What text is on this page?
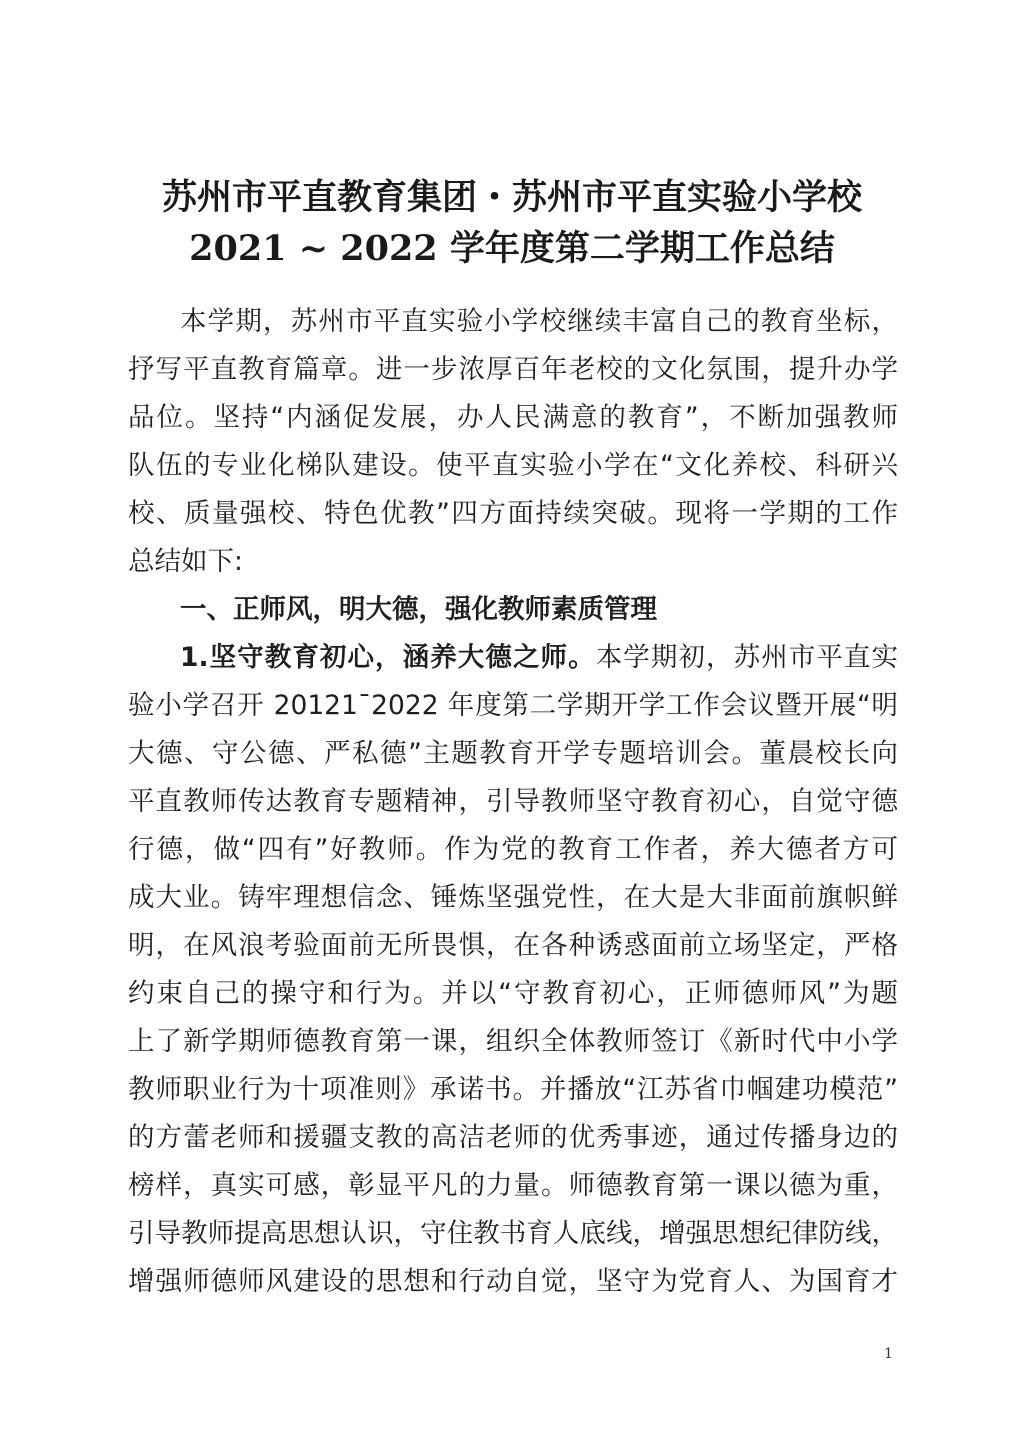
苏州市平直教育集团・苏州市平直实验小学校
2021 ~ 2022 学年度第二学期工作总结
本学期，苏州市平直实验小学校继续丰富自己的教育坐标，
抒写平直教育篇章。进一步浓厚百年老校的文化氛围，提升办学
品位。坚持“内涵促发展，办人民满意的教育”，不断加强教师
队伍的专业化梯队建设。使平直实验小学在“文化养校、科研兴
校、质量强校、特色优教”四方面持续突破。现将一学期的工作
总结如下:
一、正师风，明大德，强化教师素质管理
1.坚守教育初心，涵养大德之师。本学期初，苏州市平直实
验小学召开 20121¯2022 年度第二学期开学工作会议暨开展“明
大德、守公德、严私德”主题教育开学专题培训会。董晨校长向
平直教师传达教育专题精神，引导教师坚守教育初心，自觉守德
行德，做“四有”好教师。作为党的教育工作者，养大德者方可
成大业。铸牢理想信念、锤炼坚强党性，在大是大非面前旗帜鲜
明，在风浪考验面前无所畏惧，在各种诱惑面前立场坚定，严格
约束自己的操守和行为。并以“守教育初心，正师德师风”为题
上了新学期师德教育第一课，组织全体教师签订《新时代中小学
教师职业行为十项准则》承诺书。并播放“江苏省巾帼建功模范”
的方蕾老师和援疆支教的高洁老师的优秀事迹，通过传播身边的
榜样，真实可感，彰显平凡的力量。师德教育第一课以德为重，
引导教师提高思想认识，守住教书育人底线，增强思想纪律防线，
增强师德师风建设的思想和行动自觉，坚守为党育人、为国育才
1
